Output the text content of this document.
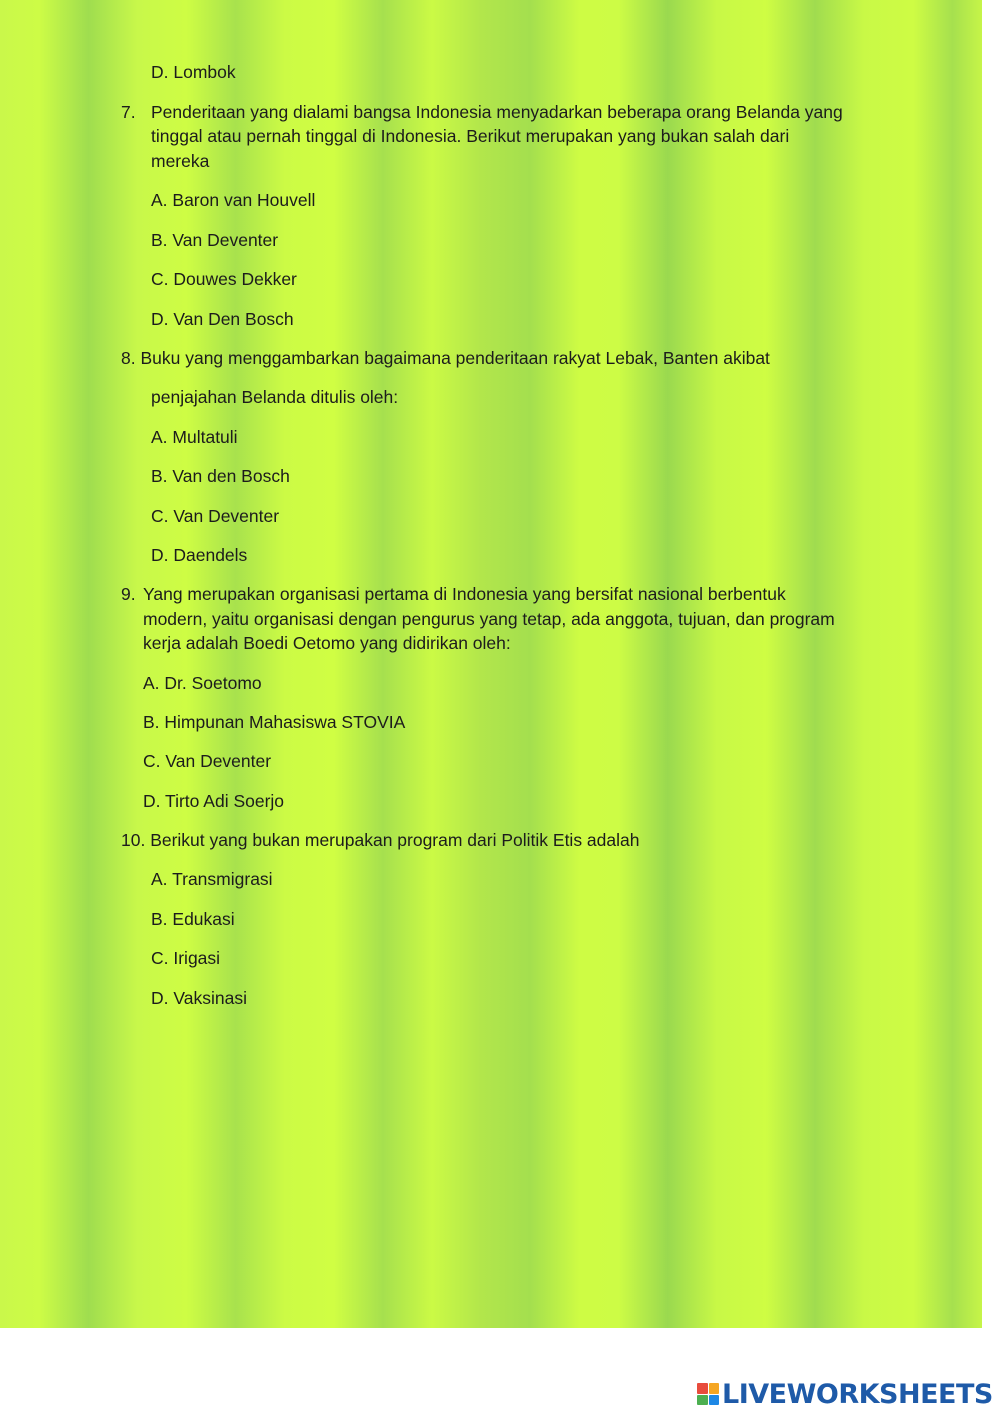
D. Lombok
7. Penderitaan yang dialami bangsa Indonesia menyadarkan beberapa orang Belanda yang
tinggal atau pernah tinggal di Indonesia. Berikut merupakan yang bukan salah dari
mereka
A. Baron van Houvell
B. Van Deventer
C. Douwes Dekker
D. Van Den Bosch
8. Buku yang menggambarkan bagaimana penderitaan rakyat Lebak, Banten akibat
penjajahan Belanda ditulis oleh:
A. Multatuli
B. Van den Bosch
C. Van Deventer
D. Daendels
9. Yang merupakan organisasi pertama di Indonesia yang bersifat nasional berbentuk
modern, yaitu organisasi dengan pengurus yang tetap, ada anggota, tujuan, dan program
kerja adalah Boedi Oetomo yang didirikan oleh:
A. Dr. Soetomo
B. Himpunan Mahasiswa STOVIA
C. Van Deventer
D. Tirto Adi Soerjo
10. Berikut yang bukan merupakan program dari Politik Etis adalah
A. Transmigrasi
B. Edukasi
C. Irigasi
D. Vaksinasi
LIVEWORKSHEETS
